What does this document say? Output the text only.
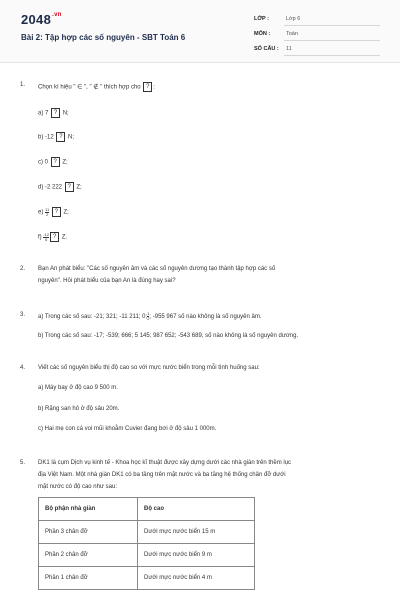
$2048^{.vn}$
Bài 2: Tập hợp các số nguyên - SBT Toán 6
LỚP :	Lớp 6
MÔN :	Toán
SỐ CÂU : 11
1. Chọn kí hiệu " ∈ ", " ∉ " thích hợp cho ? :
a) 7 ? N;
b) -12 ? N;
c) 0 ? Z;
d) -2 222 ? Z;
$e) \frac{11}{2}$ ? Z;
$f) \frac{-12}{6}$ ? Z.
2. Bạn An phát biểu: "Các số nguyên âm và các số nguyên dương tạo thành tập hợp các số
nguyên". Hỏi phát biểu của bạn An là đúng hay sai?
3. a) Trong các số sau: -21; 321; -11 211; 0; $\frac{1}{2}$ ; -955 967 số nào không là số nguyên âm.
b) Trong các số sau: -17; -539; 666; 5 145; 987 652; -543 689, số nào không là số nguyên dương.
4. Viết các số nguyên biểu thị độ cao so với mực nước biển trong mỗi tình huống sau:
a) Máy bay ở độ cao 9 500 m.
b) Rặng san hô ở độ sâu 20m.
c) Hai mẹ con cá voi mũi khoằm Cuvier đang bơi ở độ sâu 1 000m.
5. DK1 là cụm Dịch vụ kinh tế - Khoa học kĩ thuật được xây dựng dưới các nhà giàn trên thềm lục
địa Việt Nam. Một nhà giàn DK1 có ba tầng trên mặt nước và ba tầng hệ thống chân đỡ dưới
mặt nước có độ cao như sau:
Bộ phận nhà giàn	Độ cao
Phần 3 chân đỡ	Dưới mực nước biển 15 m
Phần 2 chân đỡ	Dưới mực nước biển 9 m
Phần 1 chân đỡ	Dưới mực nước biển 4 m
